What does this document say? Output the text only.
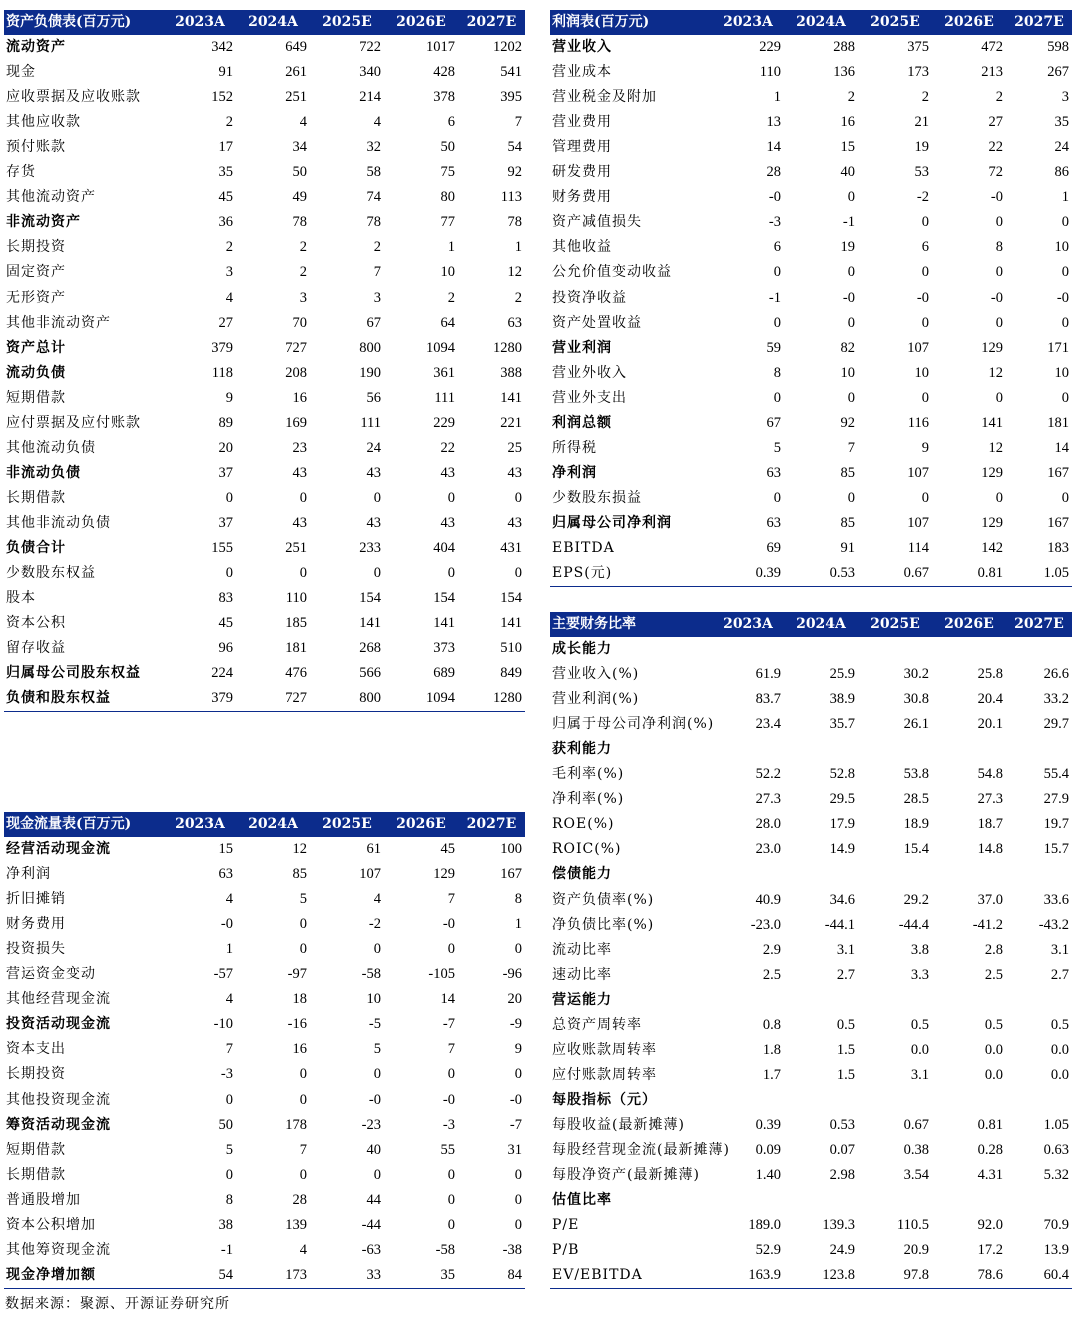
资产负债表(百万元)	2023A	2024A	2025E	2026E	2027E
流动资产	342	649	722	1017	1202
现金	91	261	340	428	541
应收票据及应收账款	152	251	214	378	395
其他应收款	2	4	4	6	7
预付账款	17	34	32	50	54
存货	35	50	58	75	92
其他流动资产	45	49	74	80	113
非流动资产	36	78	78	77	78
长期投资	2	2	2	1	1
固定资产	3	2	7	10	12
无形资产	4	3	3	2	2
其他非流动资产	27	70	67	64	63
资产总计	379	727	800	1094	1280
流动负债	118	208	190	361	388
短期借款	9	16	56	111	141
应付票据及应付账款	89	169	111	229	221
其他流动负债	20	23	24	22	25
非流动负债	37	43	43	43	43
长期借款	0	0	0	0	0
其他非流动负债	37	43	43	43	43
负债合计	155	251	233	404	431
少数股东权益	0	0	0	0	0
股本	83	110	154	154	154
资本公积	45	185	141	141	141
留存收益	96	181	268	373	510
归属母公司股东权益	224	476	566	689	849
负债和股东权益	379	727	800	1094	1280
利润表(百万元)	2023A	2024A	2025E	2026E	2027E
营业收入	229	288	375	472	598
营业成本	110	136	173	213	267
营业税金及附加	1	2	2	2	3
营业费用	13	16	21	27	35
管理费用	14	15	19	22	24
研发费用	28	40	53	72	86
财务费用	-0	0	-2	-0	1
资产减值损失	-3	-1	0	0	0
其他收益	6	19	6	8	10
公允价值变动收益	0	0	0	0	0
投资净收益	-1	-0	-0	-0	-0
资产处置收益	0	0	0	0	0
营业利润	59	82	107	129	171
营业外收入	8	10	10	12	10
营业外支出	0	0	0	0	0
利润总额	67	92	116	141	181
所得税	5	7	9	12	14
净利润	63	85	107	129	167
少数股东损益	0	0	0	0	0
归属母公司净利润	63	85	107	129	167
EBITDA	69	91	114	142	183
EPS(元)	0.39	0.53	0.67	0.81	1.05
主要财务比率	2023A	2024A	2025E	2026E	2027E
成长能力					
营业收入(%)	61.9	25.9	30.2	25.8	26.6
营业利润(%)	83.7	38.9	30.8	20.4	33.2
归属于母公司净利润(%)	23.4	35.7	26.1	20.1	29.7
获利能力					
毛利率(%)	52.2	52.8	53.8	54.8	55.4
净利率(%)	27.3	29.5	28.5	27.3	27.9
ROE(%)	28.0	17.9	18.9	18.7	19.7
ROIC(%)	23.0	14.9	15.4	14.8	15.7
偿债能力					
资产负债率(%)	40.9	34.6	29.2	37.0	33.6
净负债比率(%)	-23.0	-44.1	-44.4	-41.2	-43.2
流动比率	2.9	3.1	3.8	2.8	3.1
速动比率	2.5	2.7	3.3	2.5	2.7
营运能力					
总资产周转率	0.8	0.5	0.5	0.5	0.5
应收账款周转率	1.8	1.5	0.0	0.0	0.0
应付账款周转率	1.7	1.5	3.1	0.0	0.0
每股指标（元）					
每股收益(最新摊薄)	0.39	0.53	0.67	0.81	1.05
每股经营现金流(最新摊薄)	0.09	0.07	0.38	0.28	0.63
每股净资产(最新摊薄)	1.40	2.98	3.54	4.31	5.32
估值比率					
P/E	189.0	139.3	110.5	92.0	70.9
P/B	52.9	24.9	20.9	17.2	13.9
EV/EBITDA	163.9	123.8	97.8	78.6	60.4
现金流量表(百万元)	2023A	2024A	2025E	2026E	2027E
经营活动现金流	15	12	61	45	100
净利润	63	85	107	129	167
折旧摊销	4	5	4	7	8
财务费用	-0	0	-2	-0	1
投资损失	1	0	0	0	0
营运资金变动	-57	-97	-58	-105	-96
其他经营现金流	4	18	10	14	20
投资活动现金流	-10	-16	-5	-7	-9
资本支出	7	16	5	7	9
长期投资	-3	0	0	0	0
其他投资现金流	0	0	-0	-0	-0
筹资活动现金流	50	178	-23	-3	-7
短期借款	5	7	40	55	31
长期借款	0	0	0	0	0
普通股增加	8	28	44	0	0
资本公积增加	38	139	-44	0	0
其他筹资现金流	-1	4	-63	-58	-38
现金净增加额	54	173	33	35	84
数据来源：聚源、开源证券研究所
